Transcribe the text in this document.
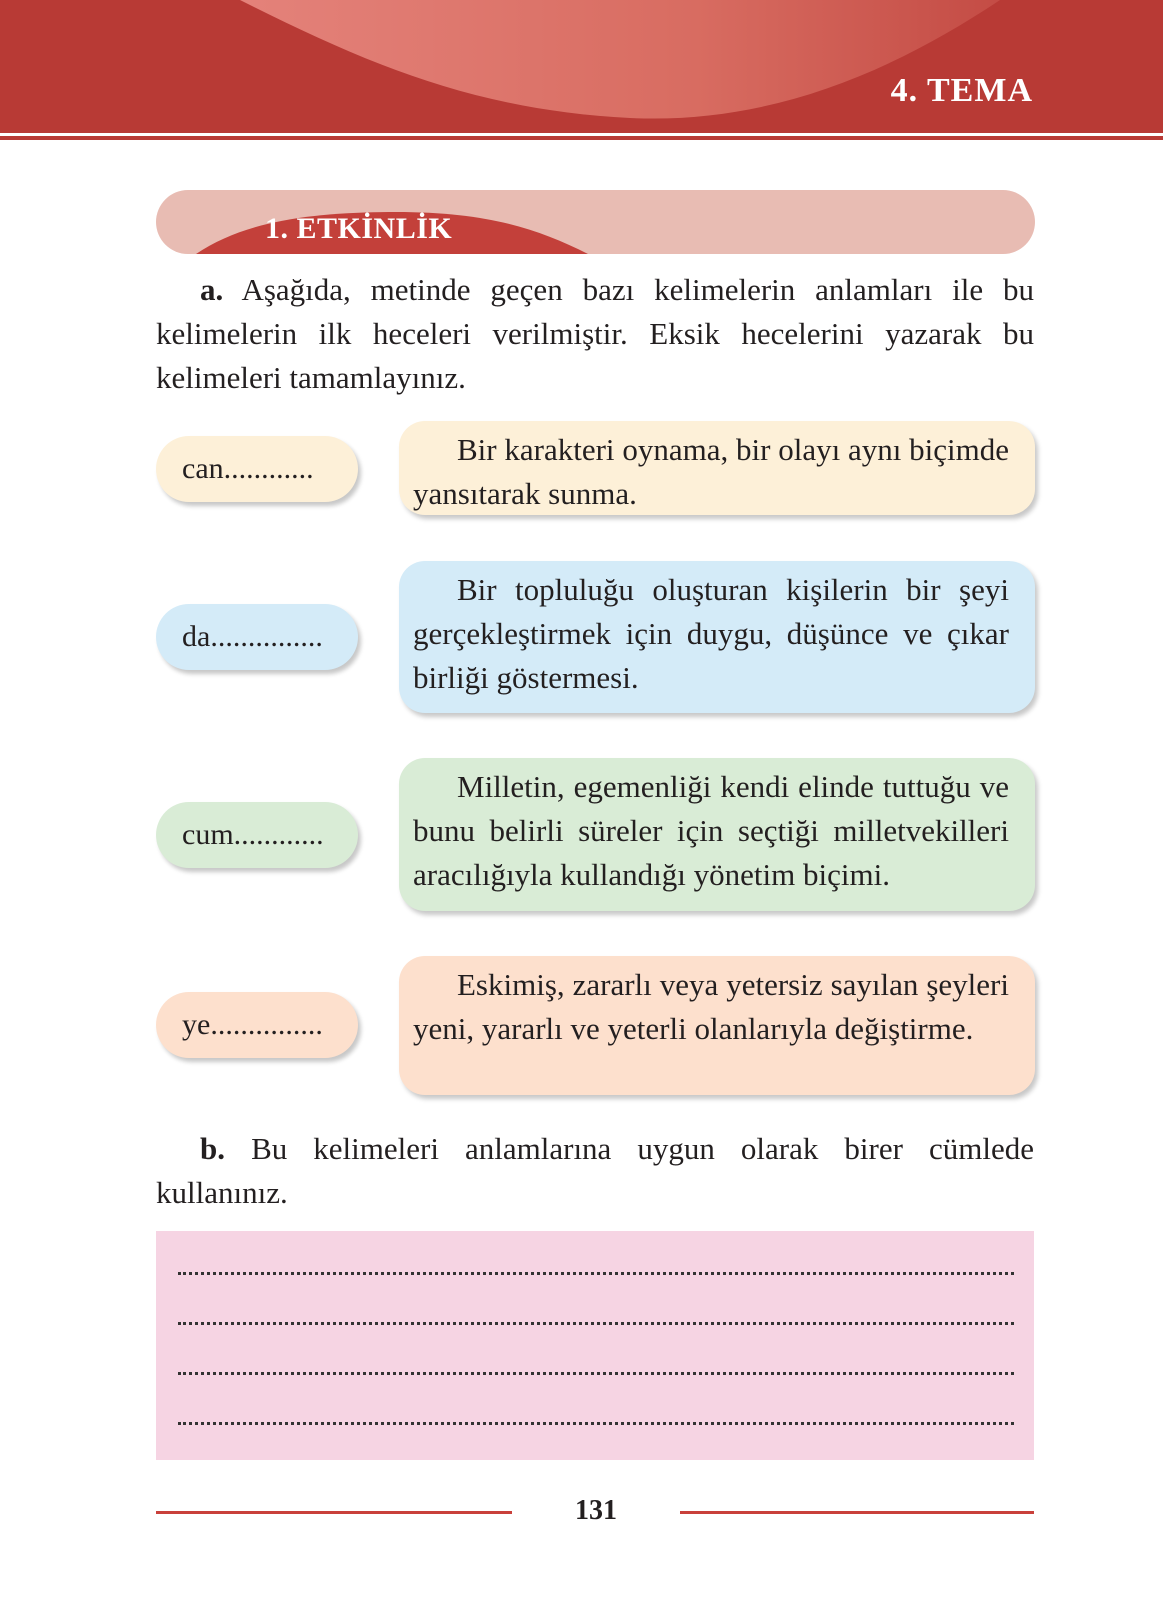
4. TEMA
1. ETKİNLİK
a. Aşağıda, metinde geçen bazı kelimelerin anlamları ile bu kelimelerin ilk heceleri verilmiştir. Eksik hecelerini yazarak bu kelimeleri tamamlayınız.
can............
Bir karakteri oynama, bir olayı aynı biçimde yansıtarak sunma.
da...............
Bir topluluğu oluşturan kişilerin bir şeyi gerçekleştirmek için duygu, düşünce ve çıkar birliği göstermesi.
cum............
Milletin, egemenliği kendi elinde tuttuğu ve bunu belirli süreler için seçtiği milletvekilleri aracılığıyla kullandığı yönetim biçimi.
ye...............
Eskimiş, zararlı veya yetersiz sayılan şeyleri yeni, yararlı ve yeterli olanlarıyla değiştirme.
b. Bu kelimeleri anlamlarına uygun olarak birer cümlede kullanınız.
131
